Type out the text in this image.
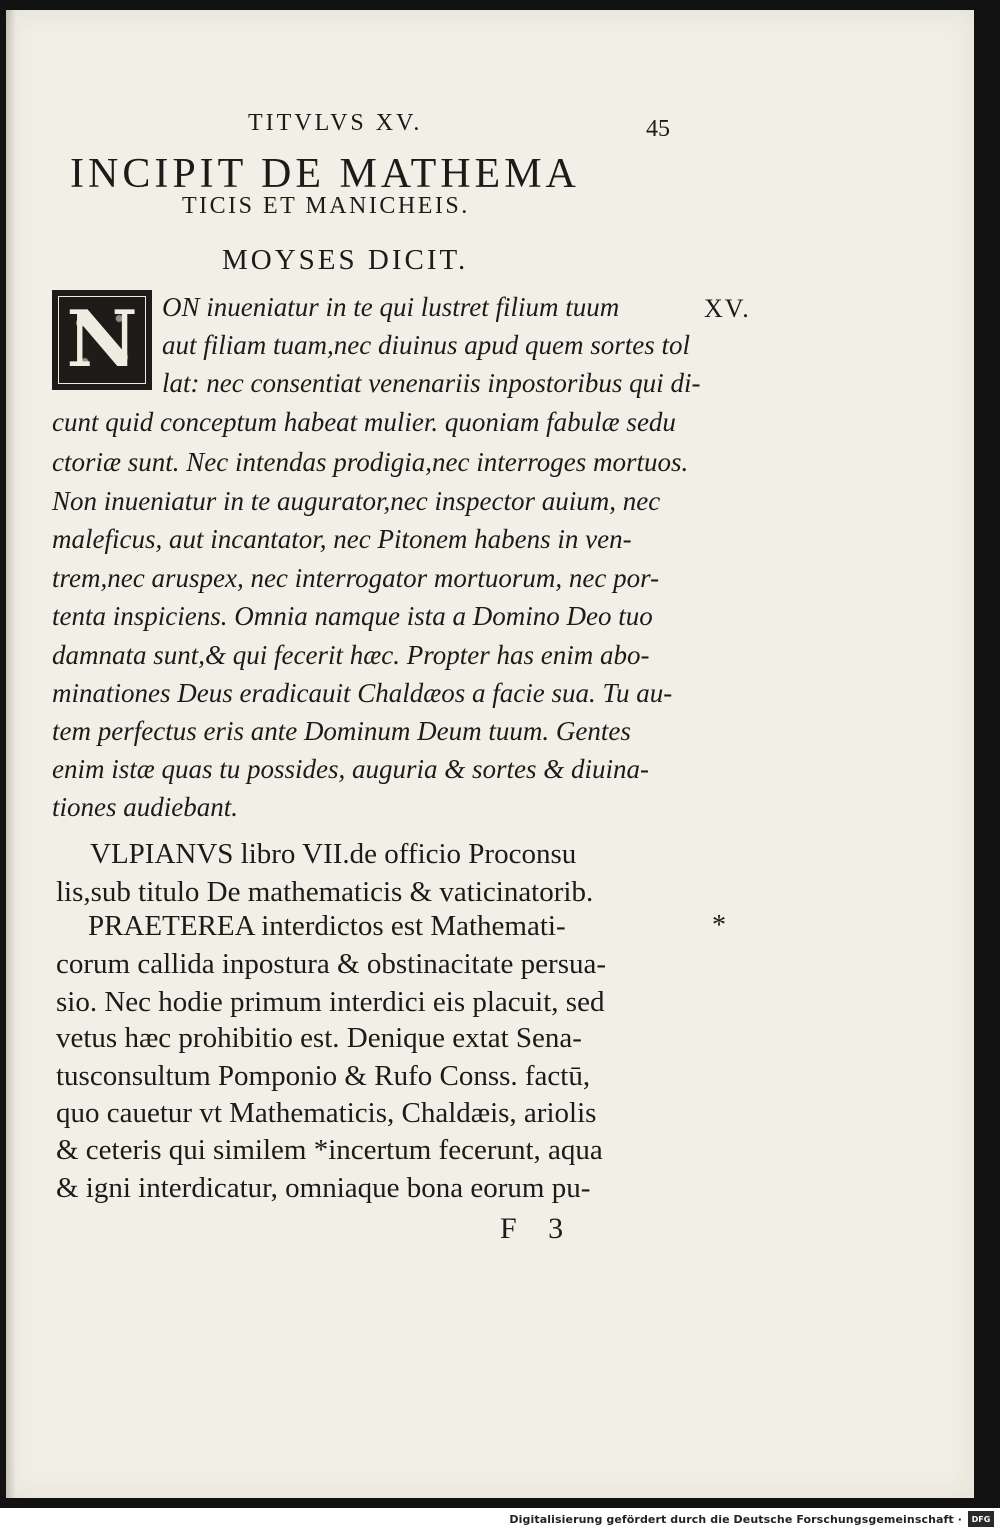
TITVLVS XV.	45
INCIPIT DE MATHEMA
TICIS ET MANICHEIS.
MOYSES DICIT.
N ON inueniatur in te qui lustret filium tuum
aut filiam tuam,nec diuinus apud quem sortes tol
lat: nec consentiat venenariis inpostoribus qui di-
cunt quid conceptum habeat mulier. quoniam fabulæ sedu
ctoriæ sunt. Nec intendas prodigia,nec interroges mortuos.
Non inueniatur in te augurator,nec inspector auium, nec
maleficus, aut incantator, nec Pitonem habens in ven-
trem,nec aruspex, nec interrogator mortuorum, nec por-
tenta inspiciens. Omnia namque ista a Domino Deo tuo
damnata sunt,& qui fecerit hæc. Propter has enim abo-
minationes Deus eradicauit Chaldæos a facie sua. Tu au-
tem perfectus eris ante Dominum Deum tuum. Gentes
enim istæ quas tu possides, auguria & sortes & diuina-
tiones audiebant.
VLPIANVS libro VII.de officio Proconsu
lis,sub titulo De mathematicis & vaticinatorib.
PRAETEREA interdictos est Mathemati-
corum callida inpostura & obstinacitate persua-
sio. Nec hodie primum interdici eis placuit, sed
vetus hæc prohibitio est. Denique extat Sena-
tusconsultum Pomponio & Rufo Conss. factū,
quo cauetur vt Mathematicis, Chaldæis, ariolis
& ceteris qui similem *incertum fecerunt, aqua
& igni interdicatur, omniaque bona eorum pu-
XV.
*
F 3
Digitalisierung gefördert durch die Deutsche Forschungsgemeinschaft ·	DFG
